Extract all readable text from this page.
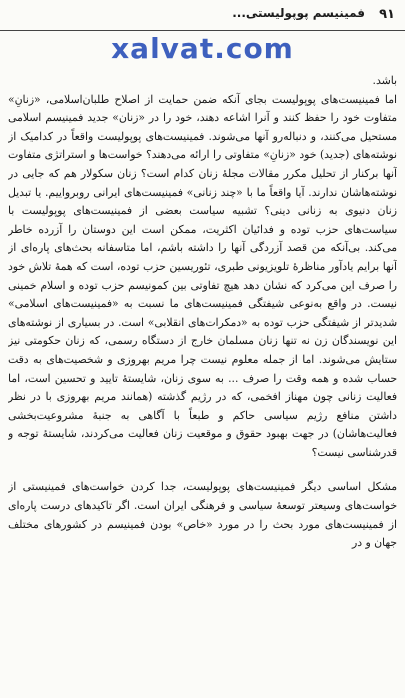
۹۱
فمینیسم پوپولیستی...
xalvat.com

باشد.

اما فمینیست‌های پوپولیست بجای آنکه ضمن حمایت از اصلاح طلبان‌اسلامی، «زنانِ» متفاوت خود را حفظ کنند و آنرا اشاعه دهند، خود را در «زنان» جدید فمینیسم اسلامی مستحیل می‌کنند، و دنباله‌رو آنها می‌شوند. فمینیست‌های پوپولیست واقعاً در کدامیک از نوشته‌های (جدید) خود «زنانِ» متفاوتی را ارائه می‌دهند؟ خواست‌ها و استراتژی متفاوت آنها برکنار از تحلیل مکرر مقالات مجلهٔ زنان کدام است؟ زنان سکولار هم که جایی در نوشته‌هاشان ندارند. آیا واقعاً ما با «چند زنانی» فمینیست‌های ایرانی روبرواییم. یا تبدیل زنان دنیوی به زنانی دینی؟ تشبیه سیاست بعضی از فمینیست‌های پوپولیست با سیاست‌های حزب توده و فدائیان اکثریت، ممکن است این دوستان را آزرده خاطر می‌کند. بی‌آنکه من قصد آزردگی آنها را داشته باشم، اما متاسفانه بحث‌های پاره‌ای از آنها برایم یادآور مناظرهٔ تلویزیونی طبری، تئوریسین حزب توده، است که همهٔ تلاش خود را صرف این می‌کرد که نشان دهد هیچ تفاوتی بین کمونیسم حزب توده و اسلام خمینی نیست. در واقع به‌نوعی شیفتگی فمینیست‌های ما نسبت به «فمینیست‌های اسلامی» شدیدتر از شیفتگی حزب توده به «دمکرات‌های انقلابی» است. در بسیاری از نوشته‌های این نویسندگان زن نه تنها زنان مسلمان خارج از دستگاه رسمی، که زنان حکومتی نیز ستایش می‌شوند. اما از جمله معلوم نیست چرا مریم بهروزی و شخصیت‌های به دقت حساب شده و همه وقت را صرف ... به سوی زنان، شایستهٔ تایید و تحسین است، اما فعالیت زنانی چون مهناز افخمی، که در رژیم گذشته (همانند مریم بهروزی با در نظر داشتن منافع رژیم سیاسی حاکم و طبعاً با آگاهی به جنبهٔ مشروعیت‌بخشی فعالیت‌هاشان) در جهت بهبود حقوق و موقعیت زنان فعالیت می‌کردند، شایستهٔ توجه و قدرشناسی نیست؟

مشکل اساسی دیگر فمینیست‌های پوپولیست، جدا کردن خواست‌های فمینیستی از خواست‌های وسیعتر توسعهٔ سیاسی و فرهنگی ایران است. اگر تاکیدهای درست پاره‌ای از فمینیست‌های مورد بحث را در مورد «خاص» بودن فمینیسم در کشورهای مختلف جهان و در
